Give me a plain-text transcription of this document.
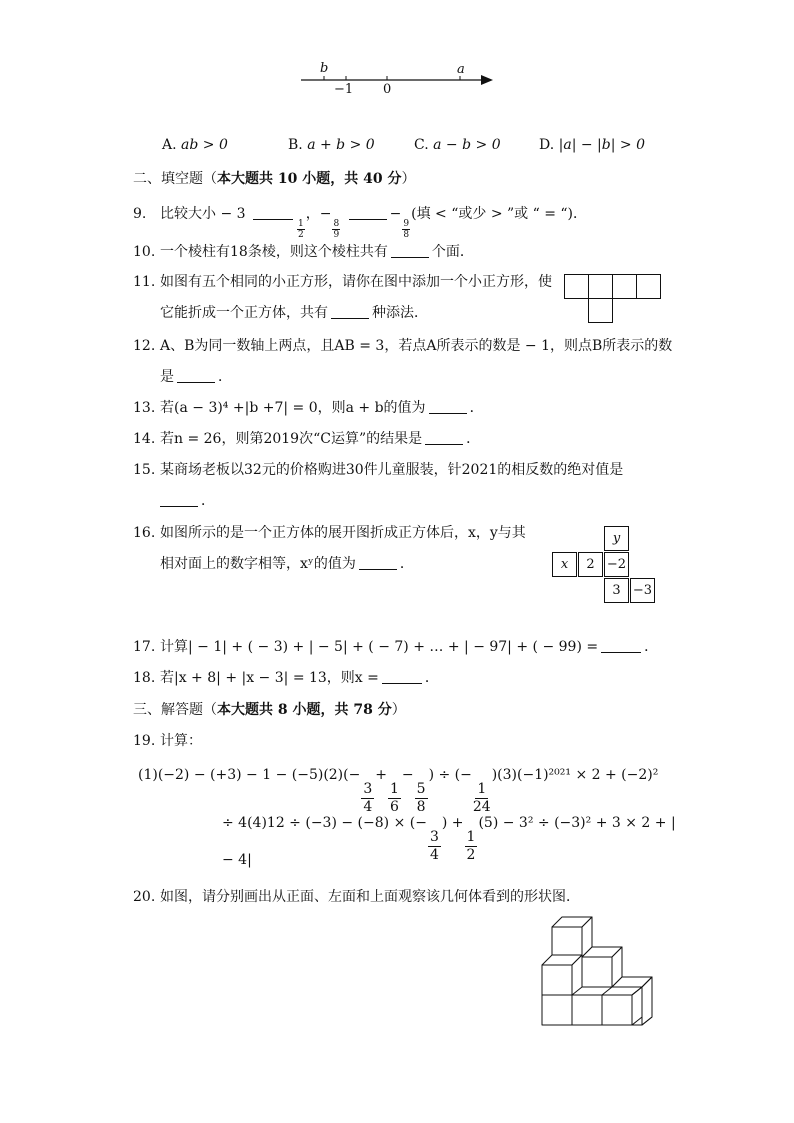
b	a
−1 0
A. ab > 0	B. a + b > 0	C. a − b > 0	D. |a| − |b| > 0
二、填空题（本大题共 10 小题，共 40 分）
9. 比较大小 − 3
$\frac{1}{2}$
，−
$\frac{8}{9}$
−
$\frac{9}{8}$
(填 < “或少 > ”或 “ = “)．
10. 一个棱柱有18条棱，则这个棱柱共有	个面．
11. 如图有五个相同的小正方形，请你在图中添加一个小正方形，使
它能折成一个正方体，共有	种添法．
12. A、B为同一数轴上两点，且AB = 3，若点A所表示的数是 − 1，则点B所表示的数
是	．
13. 若(a − 3)⁴ +|b +7| = 0，则a + b的值为	．
14. 若n = 26，则第2019次“C运算”的结果是	．
15. 某商场老板以32元的价格购进30件儿童服装，针2021的相反数的绝对值是
．
16. 如图所示的是一个正方体的展开图折成正方体后，x，y与其
相对面上的数字相等，xʸ的值为	．
y
x	2 −2
3 −3
17. 计算| − 1| + ( − 3) + | − 5| + ( − 7) + … + | − 97| + ( − 99) =	．
18. 若|x + 8| + |x − 3| = 13，则x =	．
三、解答题（本大题共 8 小题，共 78 分）
19. 计算：
(1)(−2) − (+3) − 1 − (−5)(2)(−
$\frac{3}{4}$
+
$\frac{1}{6}$
−
$\frac{5}{8}$
) ÷ (−
$\frac{1}{24}$
)(3)(−1)²⁰²¹ × 2 + (−2)²
÷ 4(4)12 ÷ (−3) − (−8) × (−
$\frac{3}{4}$
) +
$\frac{1}{2}$
(5) − 3² ÷ (−3)² + 3 × 2 + |
− 4|
20. 如图，请分别画出从正面、左面和上面观察该几何体看到的形状图．
